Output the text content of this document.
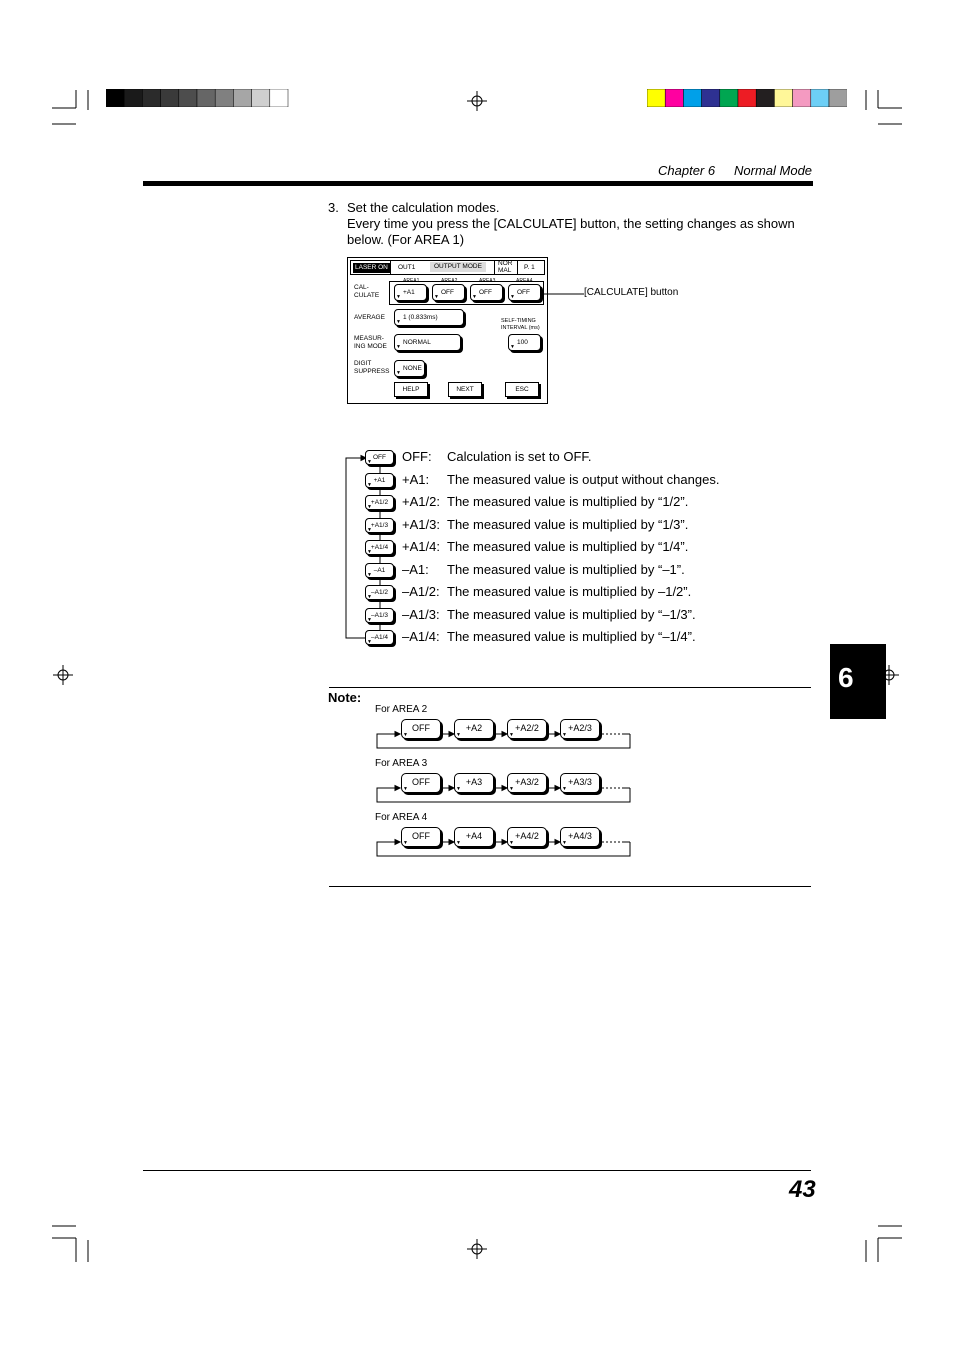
Chapter 6 Normal Mode
3. Set the calculation modes.
Every time you press the [CALCULATE] button, the setting changes as shown below. (For AREA 1)
LASER ON	OUT1	OUTPUT MODE	NOR
MAL P. 1
AREA1	AREA2	AREA3	AREA4
CAL-
CULATE	▼
+A1
▼
OFF
▼
OFF
▼
OFF
AVERAGE
▼
1 (0.833ms)	SELF-TIMING
INTERVAL (ms)
MEASUR-
ING MODE ▼
NORMAL
▼
100
DIGIT
SUPPRESS ▼
NONE
HELP	NEXT	ESC
[CALCULATE] button
▼
OFF
▼
+A1
▼
+A1/2
▼
+A1/3
▼
+A1/4
▼
–A1
▼
–A1/2
▼
–A1/3
▼
–A1/4
OFF: Calculation is set to OFF.
+A1: The measured value is output without changes.
+A1/2: The measured value is multiplied by “1/2”.
+A1/3: The measured value is multiplied by “1/3”.
+A1/4: The measured value is multiplied by “1/4”.
–A1: The measured value is multiplied by “–1”.
–A1/2: The measured value is multiplied by –1/2”.
–A1/3: The measured value is multiplied by “–1/3”.
–A1/4: The measured value is multiplied by “–1/4”.
Note:
For AREA 2
▼
OFF
▼
+A2
▼
+A2/2
▼
+A2/3
For AREA 3
▼
OFF
▼
+A3
▼
+A3/2
▼
+A3/3
For AREA 4
▼
OFF
▼
+A4
▼
+A4/2
▼
+A4/3
6
43
